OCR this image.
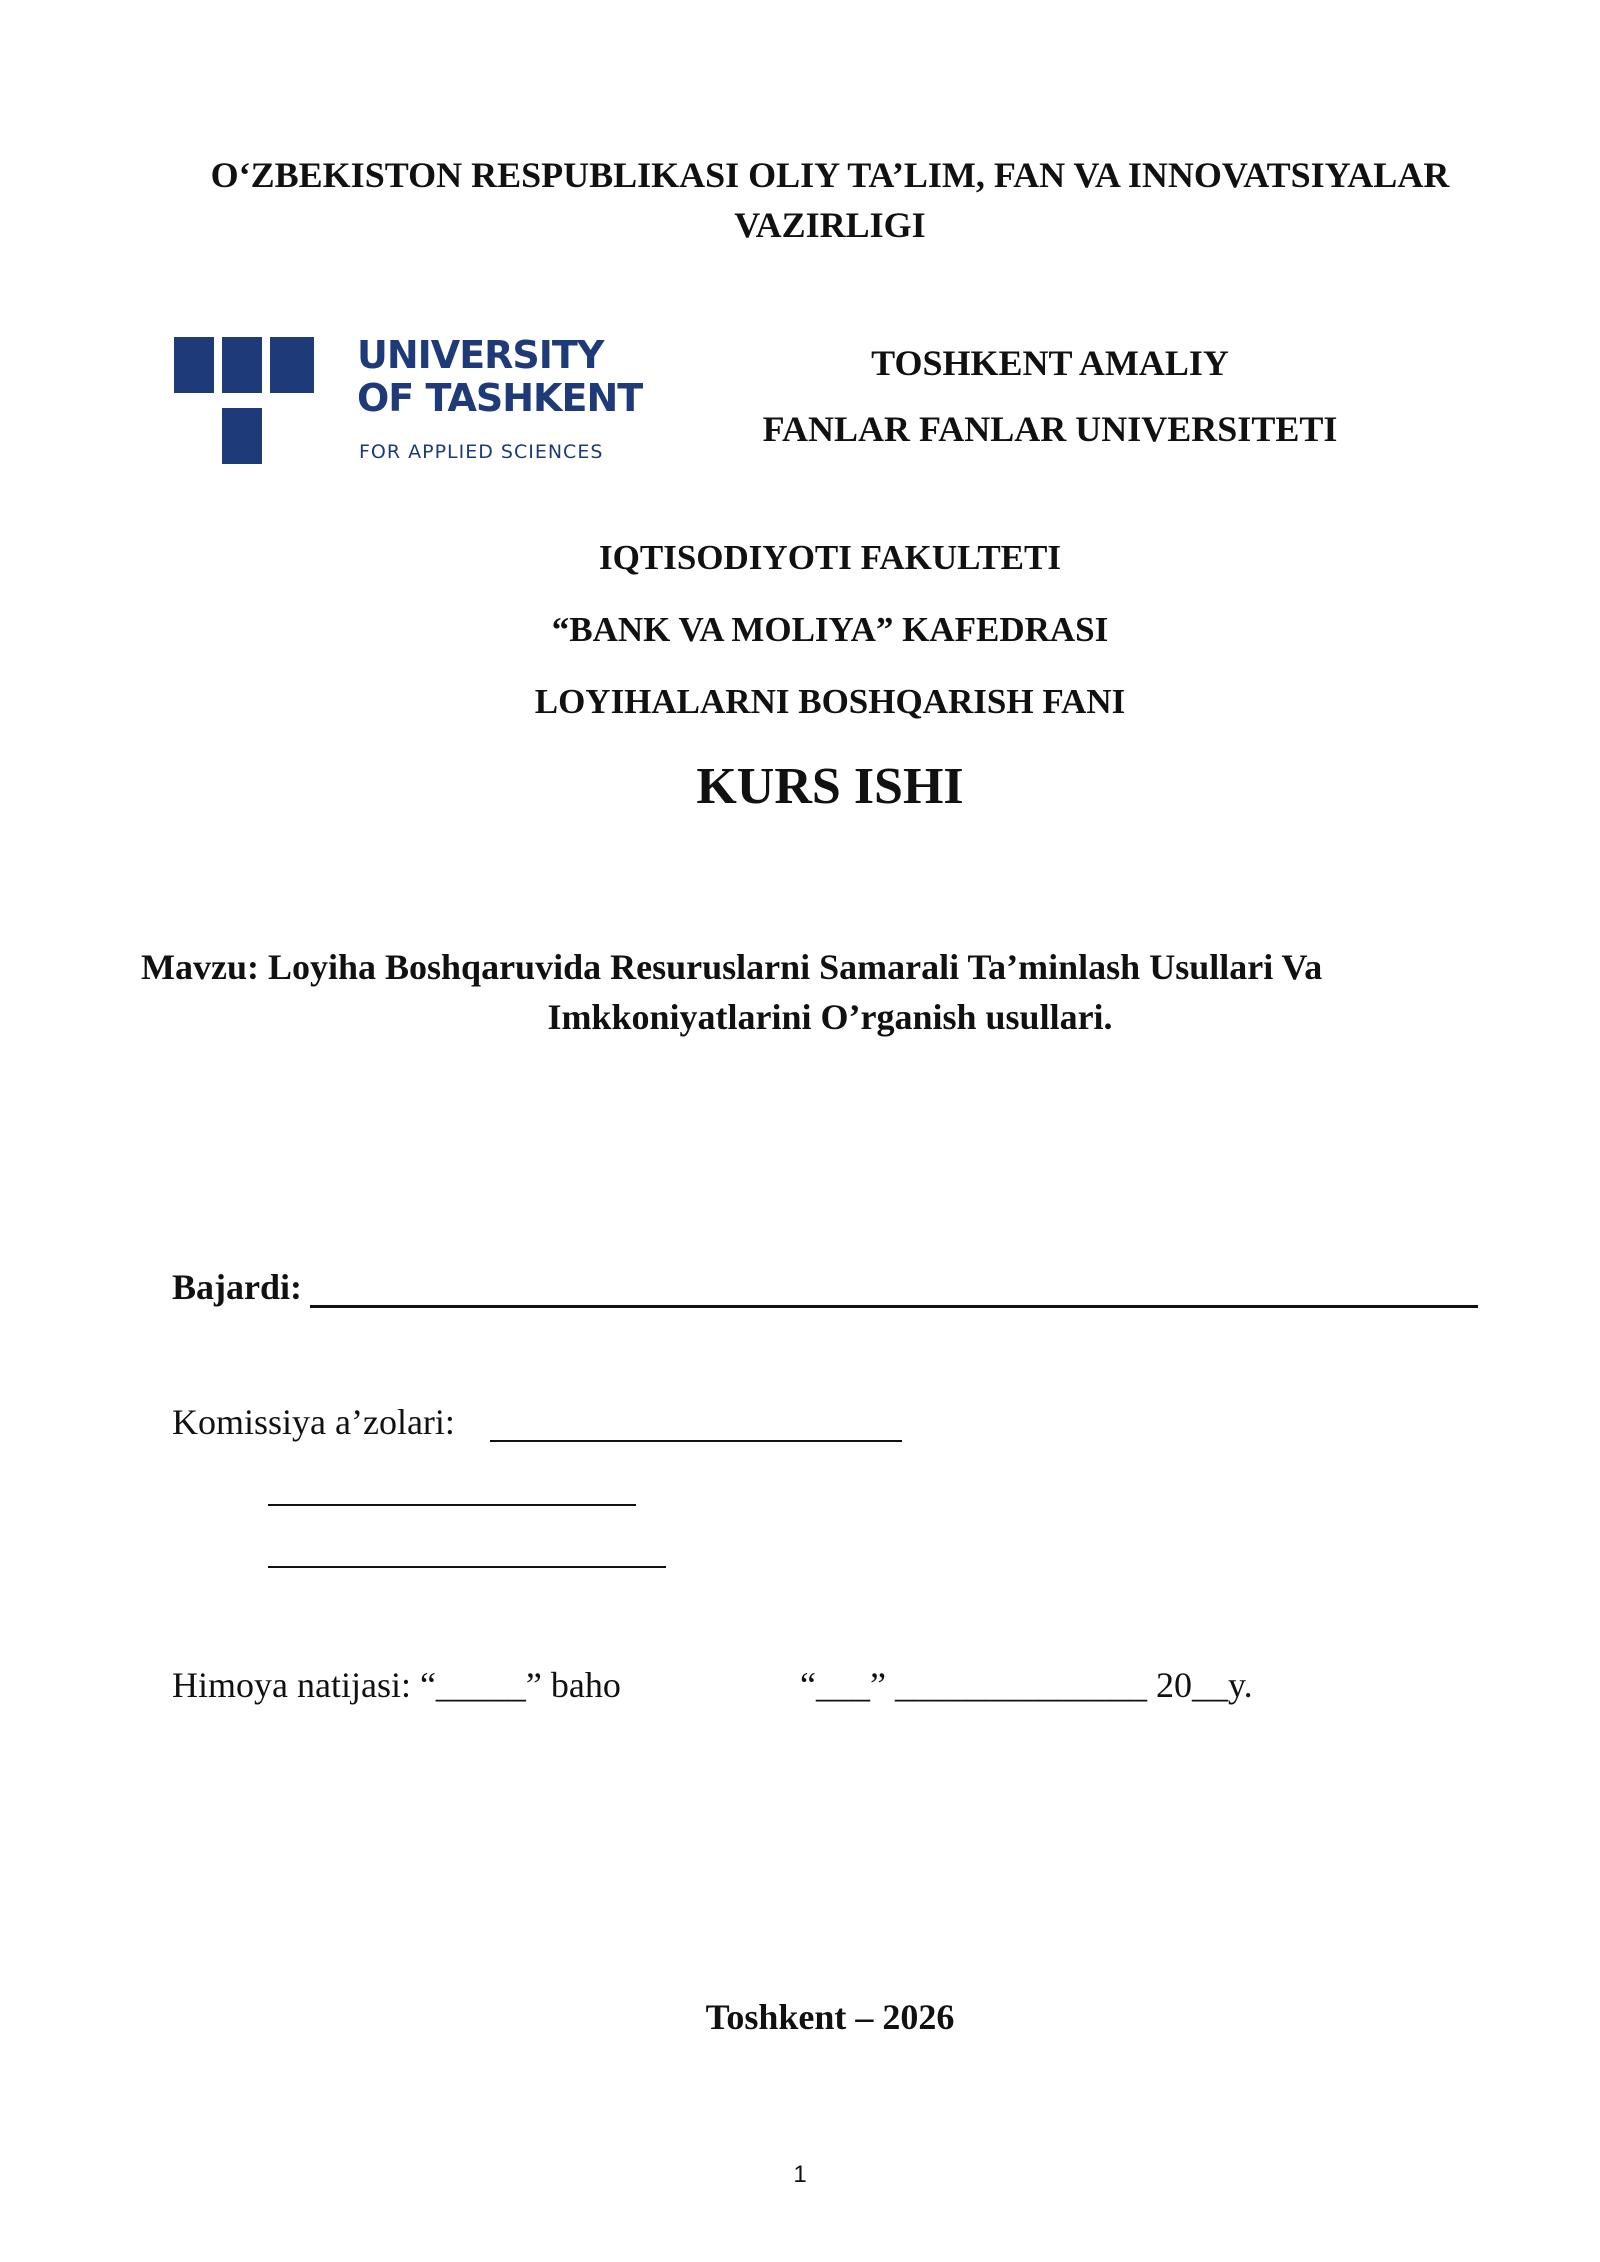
O‘ZBEKISTON RESPUBLIKASI OLIY TA’LIM, FAN VA INNOVATSIYALAR
VAZIRLIGI
UNIVERSITY
OF TASHKENT
FOR APPLIED SCIENCES
TOSHKENT AMALIY
FANLAR FANLAR UNIVERSITETI
IQTISODIYOTI FAKULTETI
“BANK VA MOLIYA” KAFEDRASI
LOYIHALARNI BOSHQARISH FANI
KURS ISHI
Mavzu: Loyiha Boshqaruvida Resuruslarni Samarali Ta’minlash Usullari Va
Imkkoniyatlarini O’rganish usullari.
Bajardi:
Komissiya a’zolari:
Himoya natijasi: “_____” baho	“___” ______________ 20__y.
Toshkent – 2026
1
